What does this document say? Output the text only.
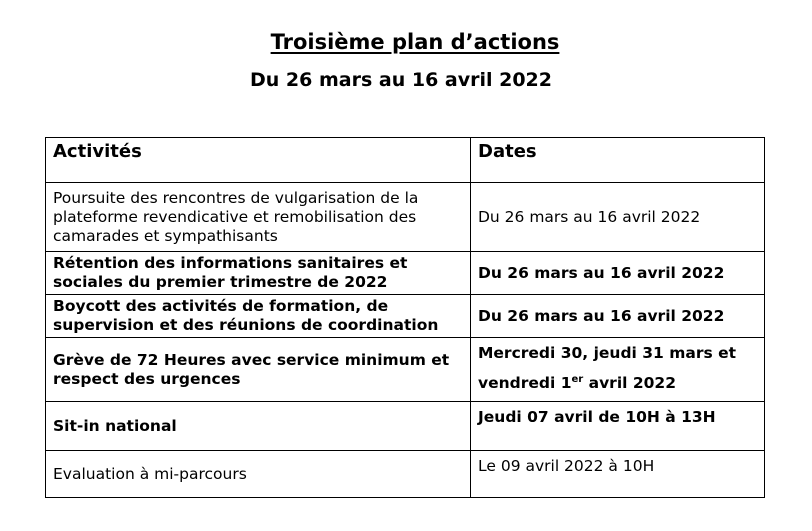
Troisième plan d’actions
Du 26 mars au 16 avril 2022
Activités	Dates
Poursuite des rencontres de vulgarisation de la plateforme revendicative et remobilisation des camarades et sympathisants	Du 26 mars au 16 avril 2022
Rétention des informations sanitaires et sociales du premier trimestre de 2022	Du 26 mars au 16 avril 2022
Boycott des activités de formation, de supervision et des réunions de coordination	Du 26 mars au 16 avril 2022
Grève de 72 Heures avec service minimum et respect des urgences	Mercredi 30, jeudi 31 mars et
vendredi 1er avril 2022
Sit-in national	Jeudi 07 avril de 10H à 13H
Evaluation à mi-parcours	Le 09 avril 2022 à 10H
